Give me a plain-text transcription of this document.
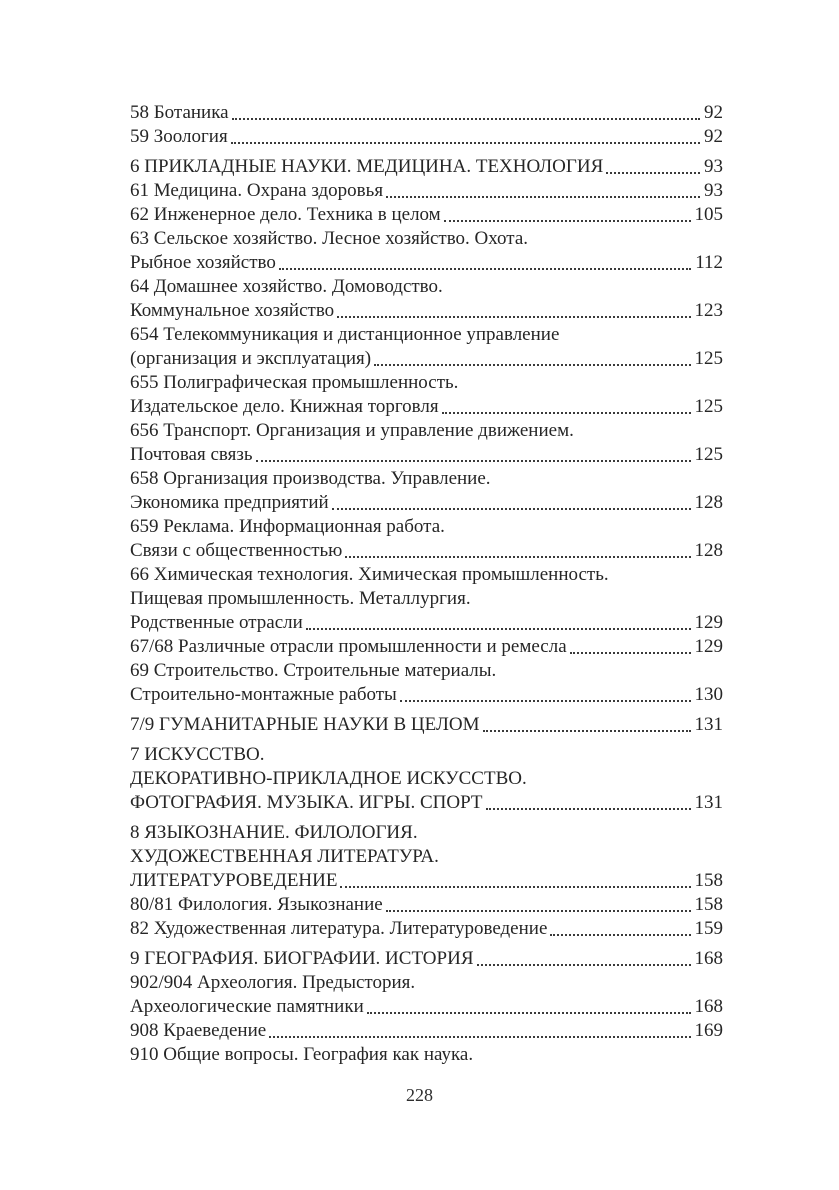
58 Ботаника	92
59 Зоология	92
6 ПРИКЛАДНЫЕ НАУКИ. МЕДИЦИНА. ТЕХНОЛОГИЯ	93
61 Медицина. Охрана здоровья	93
62 Инженерное дело. Техника в целом	105
63 Сельское хозяйство. Лесное хозяйство. Охота.
Рыбное хозяйство	112
64 Домашнее хозяйство. Домоводство.
Коммунальное хозяйство	123
654 Телекоммуникация и дистанционное управление
(организация и эксплуатация)	125
655 Полиграфическая промышленность.
Издательское дело. Книжная торговля	125
656 Транспорт. Организация и управление движением.
Почтовая связь	125
658 Организация производства. Управление.
Экономика предприятий	128
659 Реклама. Информационная работа.
Связи с общественностью	128
66 Химическая технология. Химическая промышленность.
Пищевая промышленность. Металлургия.
Родственные отрасли	129
67/68 Различные отрасли промышленности и ремесла	129
69 Строительство. Строительные материалы.
Строительно-монтажные работы	130
7/9 ГУМАНИТАРНЫЕ НАУКИ В ЦЕЛОМ	131
7 ИСКУССТВО.
ДЕКОРАТИВНО-ПРИКЛАДНОЕ ИСКУССТВО.
ФОТОГРАФИЯ. МУЗЫКА. ИГРЫ. СПОРТ	131
8 ЯЗЫКОЗНАНИЕ. ФИЛОЛОГИЯ.
ХУДОЖЕСТВЕННАЯ ЛИТЕРАТУРА.
ЛИТЕРАТУРОВЕДЕНИЕ	158
80/81 Филология. Языкознание	158
82 Художественная литература. Литературоведение	159
9 ГЕОГРАФИЯ. БИОГРАФИИ. ИСТОРИЯ	168
902/904 Археология. Предыстория.
Археологические памятники	168
908 Краеведение	169
910 Общие вопросы. География как наука.
228
